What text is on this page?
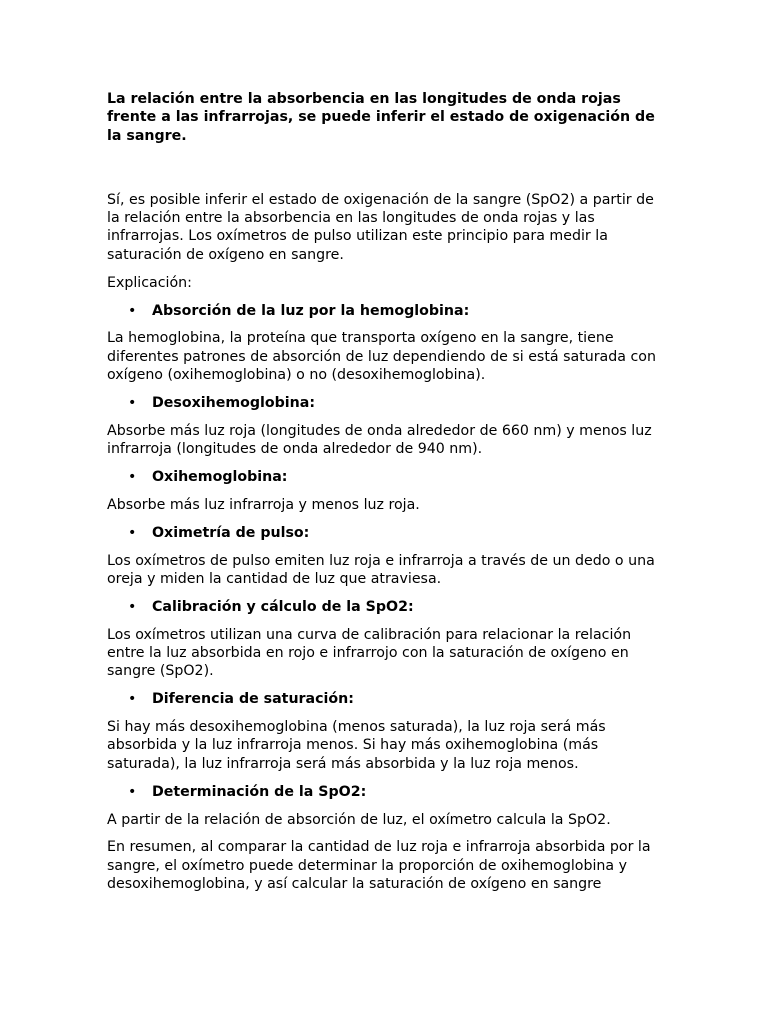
La relación entre la absorbencia en las longitudes de onda rojas frente a las infrarrojas, se puede inferir el estado de oxigenación de la sangre.

Sí, es posible inferir el estado de oxigenación de la sangre (SpO2) a partir de la relación entre la absorbencia en las longitudes de onda rojas y las infrarrojas. Los oxímetros de pulso utilizan este principio para medir la saturación de oxígeno en sangre.

Explicación:

• Absorción de la luz por la hemoglobina:

La hemoglobina, la proteína que transporta oxígeno en la sangre, tiene diferentes patrones de absorción de luz dependiendo de si está saturada con oxígeno (oxihemoglobina) o no (desoxihemoglobina).

• Desoxihemoglobina:

Absorbe más luz roja (longitudes de onda alrededor de 660 nm) y menos luz infrarroja (longitudes de onda alrededor de 940 nm).

• Oxihemoglobina:

Absorbe más luz infrarroja y menos luz roja.

• Oximetría de pulso:

Los oxímetros de pulso emiten luz roja e infrarroja a través de un dedo o una oreja y miden la cantidad de luz que atraviesa.

• Calibración y cálculo de la SpO2:

Los oxímetros utilizan una curva de calibración para relacionar la relación entre la luz absorbida en rojo e infrarrojo con la saturación de oxígeno en sangre (SpO2).

• Diferencia de saturación:

Si hay más desoxihemoglobina (menos saturada), la luz roja será más absorbida y la luz infrarroja menos. Si hay más oxihemoglobina (más saturada), la luz infrarroja será más absorbida y la luz roja menos.

• Determinación de la SpO2:

A partir de la relación de absorción de luz, el oxímetro calcula la SpO2.

En resumen, al comparar la cantidad de luz roja e infrarroja absorbida por la sangre, el oxímetro puede determinar la proporción de oxihemoglobina y desoxihemoglobina, y así calcular la saturación de oxígeno en sangre
